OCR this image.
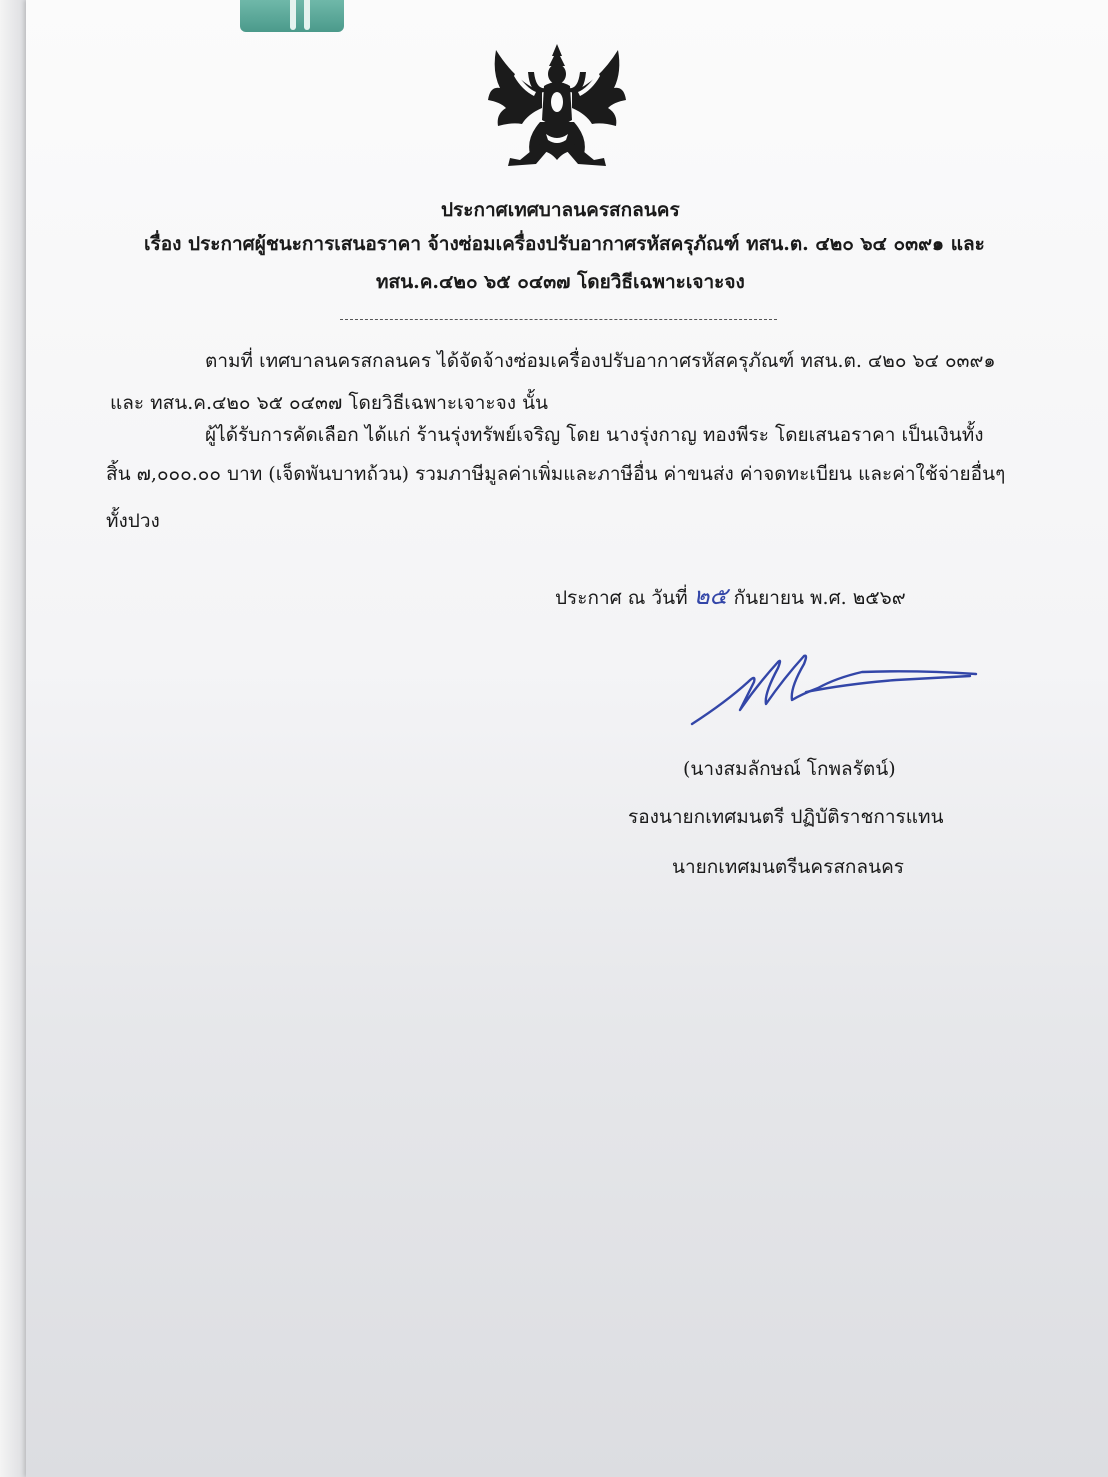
ประกาศเทศบาลนครสกลนคร
เรื่อง ประกาศผู้ชนะการเสนอราคา จ้างซ่อมเครื่องปรับอากาศรหัสครุภัณฑ์ ทสน.ต. ๔๒๐ ๖๔ ๐๓๙๑ และ
ทสน.ค.๔๒๐ ๖๕ ๐๔๓๗ โดยวิธีเฉพาะเจาะจง
ตามที่ เทศบาลนครสกลนคร ได้จัดจ้างซ่อมเครื่องปรับอากาศรหัสครุภัณฑ์ ทสน.ต. ๔๒๐ ๖๔ ๐๓๙๑
และ ทสน.ค.๔๒๐ ๖๕ ๐๔๓๗ โดยวิธีเฉพาะเจาะจง นั้น
ผู้ได้รับการคัดเลือก ได้แก่ ร้านรุ่งทรัพย์เจริญ โดย นางรุ่งกาญ ทองพีระ โดยเสนอราคา เป็นเงินทั้ง
สิ้น ๗,๐๐๐.๐๐ บาท (เจ็ดพันบาทถ้วน) รวมภาษีมูลค่าเพิ่มและภาษีอื่น ค่าขนส่ง ค่าจดทะเบียน และค่าใช้จ่ายอื่นๆ
ทั้งปวง
ประกาศ ณ วันที่ ๒๕ กันยายน พ.ศ. ๒๕๖๙
(นางสมลักษณ์ โกพลรัตน์)
รองนายกเทศมนตรี ปฏิบัติราชการแทน
นายกเทศมนตรีนครสกลนคร
